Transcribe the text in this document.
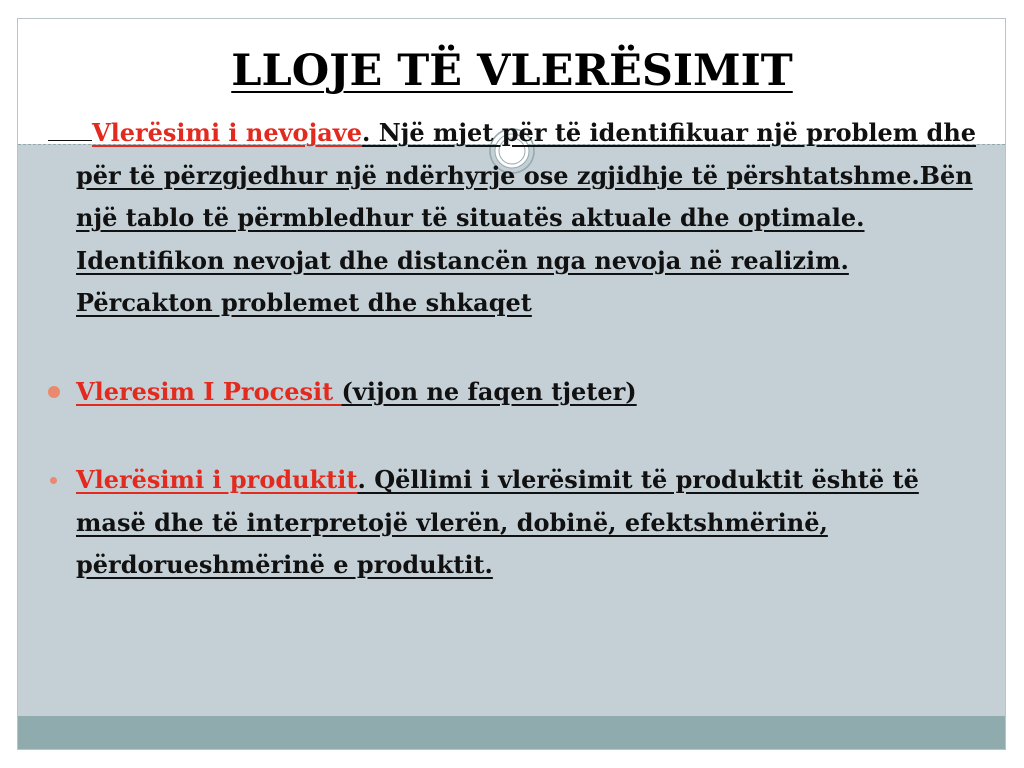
LLOJE TË VLERËSIMIT
Vlerësimi i nevojave. Një mjet për të identifikuar një problem dhe për të përzgjedhur një ndërhyrje ose zgjidhje të përshtatshme.Bën një tablo të përmbledhur të situatës aktuale dhe optimale. Identifikon nevojat dhe distancën nga nevoja në realizim. Përcakton problemet dhe shkaqet
Vleresim I Procesit (vijon ne faqen tjeter)
Vlerësimi i produktit. Qëllimi i vlerësimit të produktit është të masë dhe të interpretojë vlerën, dobinë, efektshmërinë, përdorueshmërinë e produktit.
